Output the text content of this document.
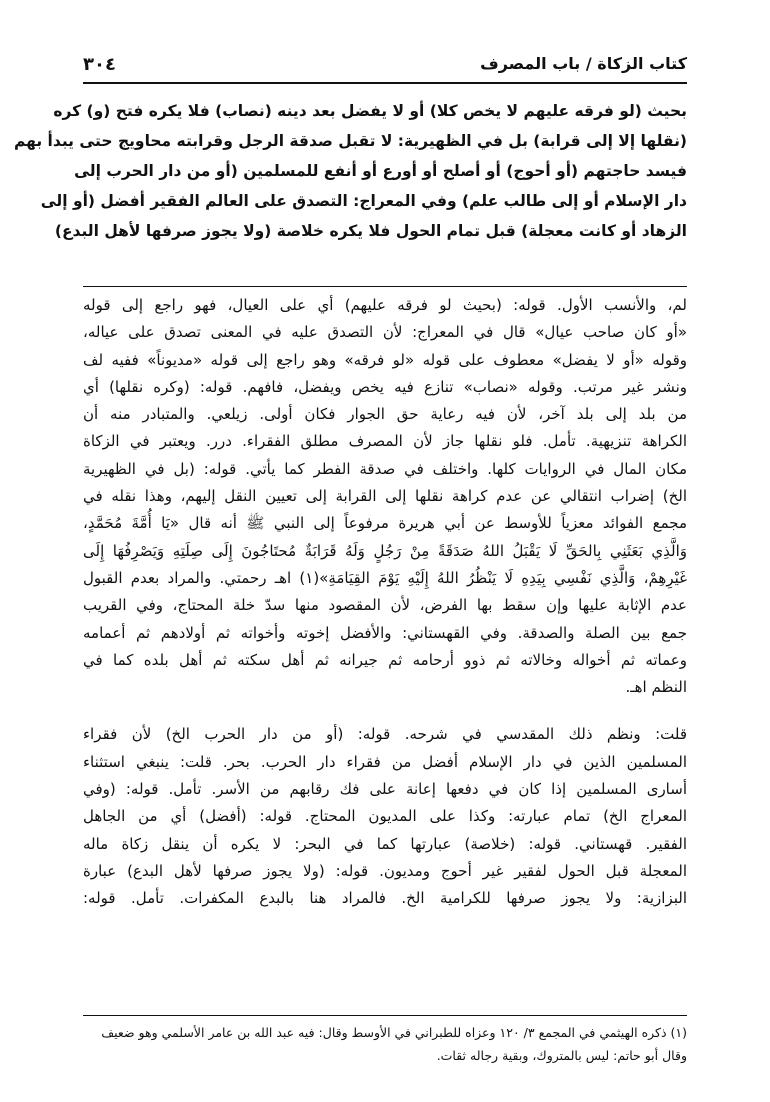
كتاب الزكاة / باب المصرف
٣٠٤
بحيث (لو فرقه عليهم لا يخص كلا) أو لا يفضل بعد دينه (نصاب) فلا يكره فتح (و) كره
(نقلها إلا إلى قرابة) بل في الظهيرية: لا تقبل صدقة الرجل وقرابته محاويج حتى يبدأ بهم
فيسد حاجتهم (أو أحوج) أو أصلح أو أورع أو أنفع للمسلمين (أو من دار الحرب إلى
دار الإسلام أو إلى طالب علم) وفي المعراج: التصدق على العالم الفقير أفضل (أو إلى
الزهاد أو كانت معجلة) قبل تمام الحول فلا يكره خلاصة (ولا يجوز صرفها لأهل البدع)
لم، والأنسب الأول. قوله: (بحيث لو فرقه عليهم) أي على العيال، فهو راجع إلى قوله
«أو كان صاحب عيال» قال في المعراج: لأن التصدق عليه في المعنى تصدق على عياله،
وقوله «أو لا يفضل» معطوف على قوله «لو فرقه» وهو راجع إلى قوله «مديوناً» ففيه لف
ونشر غير مرتب. وقوله «نصاب» تنازع فيه يخص ويفضل، فافهم. قوله: (وكره نقلها) أي
من بلد إلى بلد آخر، لأن فيه رعاية حق الجوار فكان أولى. زيلعي. والمتبادر منه أن
الكراهة تنزيهية. تأمل. فلو نقلها جاز لأن المصرف مطلق الفقراء. درر. ويعتبر في الزكاة
مكان المال في الروايات كلها. واختلف في صدقة الفطر كما يأتي. قوله: (بل في الظهيرية
الخ) إضراب انتقالي عن عدم كراهة نقلها إلى القرابة إلى تعيين النقل إليهم، وهذا نقله في
مجمع الفوائد معزياً للأوسط عن أبي هريرة مرفوعاً إلى النبي ﷺ أنه قال «يَا أُمَّةَ مُحَمَّدٍ،
وَالَّذِي بَعَثَنِي بِالحَقِّ لَا يَقْبَلُ اللهُ صَدَقَةً مِنْ رَجُلٍ وَلَهُ قَرَابَةٌ مُحتَاجُونَ إِلَى صِلَتِهِ وَيَصْرِفُهَا إِلَى
غَيْرِهِمْ، وَالَّذِي نَفْسِي بِيَدِهِ لَا يَنْظُرُ اللهُ إِلَيْهِ يَوْمَ القِيَامَةِ»(١) اهـ رحمتي. والمراد بعدم القبول
عدم الإثابة عليها وإن سقط بها الفرض، لأن المقصود منها سدّ خلة المحتاج، وفي القريب
جمع بين الصلة والصدقة. وفي القهستاني: والأفضل إخوته وأخواته ثم أولادهم ثم أعمامه
وعماته ثم أخواله وخالاته ثم ذوو أرحامه ثم جيرانه ثم أهل سكته ثم أهل بلده كما في
النظم اهـ.
قلت: ونظم ذلك المقدسي في شرحه. قوله: (أو من دار الحرب الخ) لأن فقراء
المسلمين الذين في دار الإسلام أفضل من فقراء دار الحرب. بحر. قلت: ينبغي استثناء
أسارى المسلمين إذا كان في دفعها إعانة على فك رقابهم من الأسر. تأمل. قوله: (وفي
المعراج الخ) تمام عبارته: وكذا على المديون المحتاج. قوله: (أفضل) أي من الجاهل
الفقير. قهستاني. قوله: (خلاصة) عبارتها كما في البحر: لا يكره أن ينقل زكاة ماله
المعجلة قبل الحول لفقير غير أحوج ومديون. قوله: (ولا يجوز صرفها لأهل البدع) عبارة
البزازية: ولا يجوز صرفها للكرامية الخ. فالمراد هنا بالبدع المكفرات. تأمل. قوله:
(١) ذكره الهيثمي في المجمع ٣/ ١٢٠ وعزاه للطبراني في الأوسط وقال: فيه عبد الله بن عامر الأسلمي وهو ضعيف
وقال أبو حاتم: ليس بالمتروك، وبقية رجاله ثقات.
